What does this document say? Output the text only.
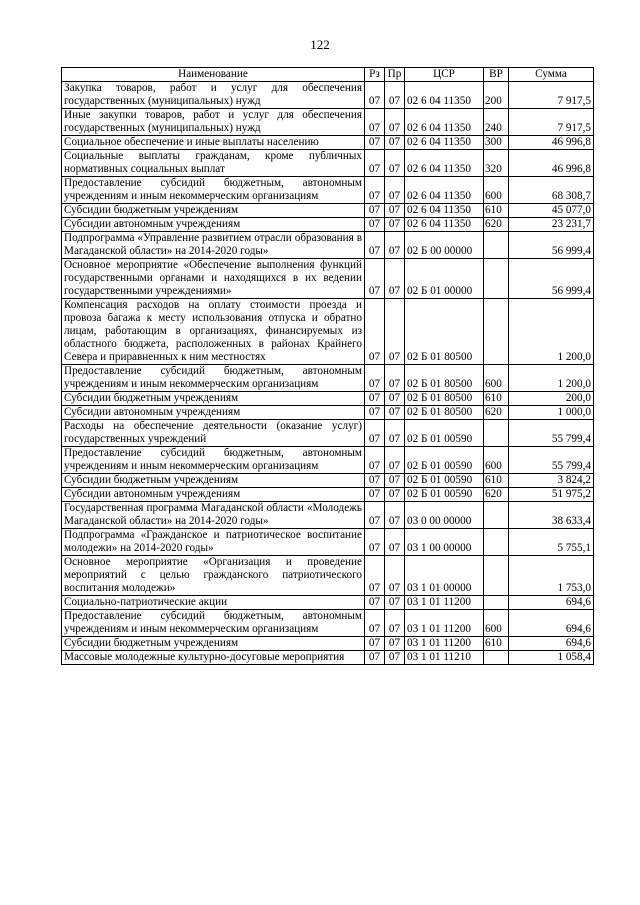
122
Наименование	Рз	Пр	ЦСР	ВР	Сумма
Закупка товаров, работ и услуг для обеспечения государственных (муниципальных) нужд	07	07	02 6 04 11350	200	7 917,5
Иные закупки товаров, работ и услуг для обеспечения государственных (муниципальных) нужд	07	07	02 6 04 11350	240	7 917,5
Социальное обеспечение и иные выплаты населению	07	07	02 6 04 11350	300	46 996,8
Социальные выплаты гражданам, кроме публичных нормативных социальных выплат	07	07	02 6 04 11350	320	46 996,8
Предоставление субсидий бюджетным, автономным учреждениям и иным некоммерческим организациям	07	07	02 6 04 11350	600	68 308,7
Субсидии бюджетным учреждениям	07	07	02 6 04 11350	610	45 077,0
Субсидии автономным учреждениям	07	07	02 6 04 11350	620	23 231,7
Подпрограмма «Управление развитием отрасли образования в Магаданской области» на 2014-2020 годы»	07	07	02 Б 00 00000		56 999,4
Основное мероприятие «Обеспечение выполнения функций государственными органами и находящихся в их ведении государственными учреждениями»	07	07	02 Б 01 00000		56 999,4
Компенсация расходов на оплату стоимости проезда и провоза багажа к месту использования отпуска и обратно лицам, работающим в организациях, финансируемых из областного бюджета, расположенных в районах Крайнего Севера и приравненных к ним местностях	07	07	02 Б 01 80500		1 200,0
Предоставление субсидий бюджетным, автономным учреждениям и иным некоммерческим организациям	07	07	02 Б 01 80500	600	1 200,0
Субсидии бюджетным учреждениям	07	07	02 Б 01 80500	610	200,0
Субсидии автономным учреждениям	07	07	02 Б 01 80500	620	1 000,0
Расходы на обеспечение деятельности (оказание услуг) государственных учреждений	07	07	02 Б 01 00590		55 799,4
Предоставление субсидий бюджетным, автономным учреждениям и иным некоммерческим организациям	07	07	02 Б 01 00590	600	55 799,4
Субсидии бюджетным учреждениям	07	07	02 Б 01 00590	610	3 824,2
Субсидии автономным учреждениям	07	07	02 Б 01 00590	620	51 975,2
Государственная программа Магаданской области «Молодежь Магаданской области» на 2014-2020 годы»	07	07	03 0 00 00000		38 633,4
Подпрограмма «Гражданское и патриотическое воспитание молодежи» на 2014-2020 годы»	07	07	03 1 00 00000		5 755,1
Основное мероприятие «Организация и проведение мероприятий с целью гражданского патриотического воспитания молодежи»	07	07	03 1 01 00000		1 753,0
Социально-патриотические акции	07	07	03 1 01 11200		694,6
Предоставление субсидий бюджетным, автономным учреждениям и иным некоммерческим организациям	07	07	03 1 01 11200	600	694,6
Субсидии бюджетным учреждениям	07	07	03 1 01 11200	610	694,6
Массовые молодежные культурно-досуговые мероприятия	07	07	03 1 01 11210		1 058,4
